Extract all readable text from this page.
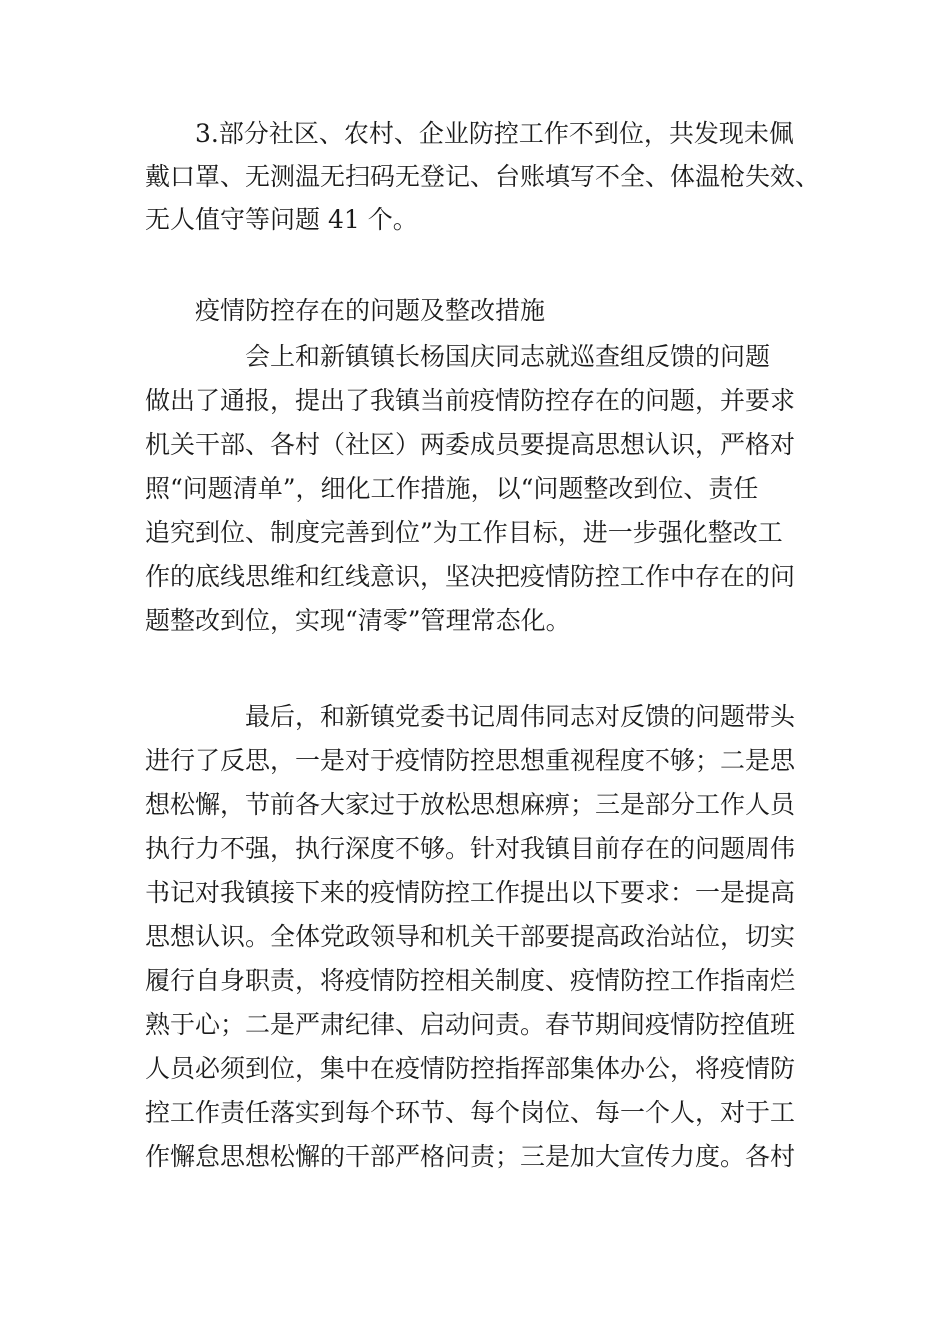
3.部分社区、农村、企业防控工作不到位，共发现未佩

戴口罩、无测温无扫码无登记、台账填写不全、体温枪失效、

无人值守等问题 41 个。

疫情防控存在的问题及整改措施

会上和新镇镇长杨国庆同志就巡查组反馈的问题

做出了通报，提出了我镇当前疫情防控存在的问题，并要求

机关干部、各村（社区）两委成员要提高思想认识，严格对

照“问题清单”，细化工作措施，以“问题整改到位、责任

追究到位、制度完善到位”为工作目标，进一步强化整改工

作的底线思维和红线意识，坚决把疫情防控工作中存在的问

题整改到位，实现“清零”管理常态化。

最后，和新镇党委书记周伟同志对反馈的问题带头

进行了反思，一是对于疫情防控思想重视程度不够；二是思

想松懈，节前各大家过于放松思想麻痹；三是部分工作人员

执行力不强，执行深度不够。针对我镇目前存在的问题周伟

书记对我镇接下来的疫情防控工作提出以下要求：一是提高

思想认识。全体党政领导和机关干部要提高政治站位，切实

履行自身职责，将疫情防控相关制度、疫情防控工作指南烂

熟于心；二是严肃纪律、启动问责。春节期间疫情防控值班

人员必须到位，集中在疫情防控指挥部集体办公，将疫情防

控工作责任落实到每个环节、每个岗位、每一个人，对于工

作懈怠思想松懈的干部严格问责；三是加大宣传力度。各村
